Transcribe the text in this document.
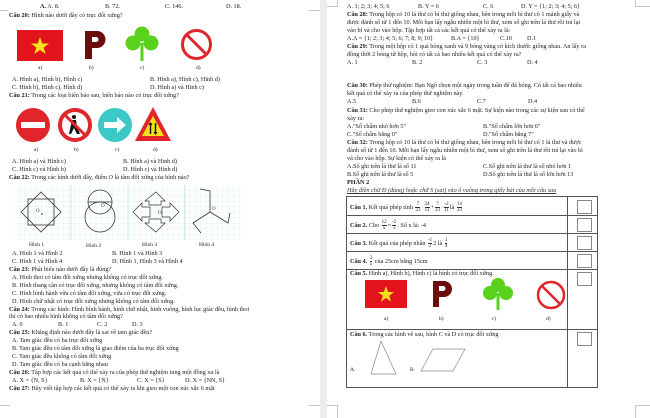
A. A. 8.	B. 72.	C. 146.	D. 18.
Câu 20: Hình nào dưới đây có trục đối xứng?
a)	b)	c)	d)
A. Hình a), Hình b), Hình c)	B. Hình a), Hình c), Hình d)
C. Hình b), Hình c), Hình d)	D. Hình a) và Hình c)
Câu 21: Trong các loại biển báo sau, biển báo nào có trục đối xứng?
a)	b)	c)	d)
A. Hình a) và Hình c)	B. Hình a) và Hình d)
C. Hình c) và Hình b)	D. Hình c) và Hình d)
Câu 22: Trong các hình dưới đây, điểm O là tâm đối xứng của hình nào?
O
O
O
O
Hình 1	Hình 2	Hình 3	Hình 4
A. Hình 1 và Hình 2	B. Hình 1 và Hình 3
C. Hình 1 và Hình 4	D. Hình 1, Hình 3 và Hình 4
Câu 23: Phát biểu nào dưới đây là đúng?
A. Hình thoi có tâm đối xứng nhưng không có trục đối xứng.
B. Hình thang cân có trục đối xứng, nhưng không có tâm đối xứng.
C. Hình bình hành vừa có tâm đối xứng, vừa có trục đối xứng.
D. Hình chữ nhật có trục đối xứng nhưng không có tâm đối xứng.
Câu 24: Trong các hình: Hình bình hành, hình chữ nhật, hình vuông, hình lục giác đều, hình thoi
thì có bao nhiêu hình không có tâm đối xứng?
A. 0	B. 1	C. 2	D. 3
Câu 25: Khẳng định nào dưới đây là sai về tam giác đều?
A. Tam giác đều có ba trục đối xứng
B. Tam giác đều có tâm đối xứng là giao điểm của ba trục đối xứng
C. Tam giác đều không có tâm đối xứng
D. Tam giác đều có ba cạnh bằng nhau
Câu 26: Tập hợp các kết quả có thể xảy ra của phép thử nghiệm tung một đồng xu là
A. X = {N, S}	B. X = {N}	C. X = {S}	D. X = {NN, S}
Câu 27: Hãy viết tập hợp các kết quả có thể xảy ra khi gieo một con xúc xắc 6 mặt
A. 1; 2; 3; 4; 5; 6	B. Y = 6	C. 6	D. Y = {1; 2; 3; 4; 5; 6}
Câu 28: Trong hộp có 10 lá thư có bì thư giống nhau, bên trong mỗi bì thư có 1 mảnh giấy và
được đánh số từ 1 đến 10. Mỗi bạn lấy ngẫu nhiên một bì thư, xem số ghi trên lá thư rồi trả lại
vào bì và cho vào hộp. Tập hợp tất cả các kết quả có thể xảy ra là:
A.A = {1; 2; 3; 4; 5; 6; 7; 8; 9; 10}	B.A = {10}	C.10 D.1
Câu 29: Trong một hộp có 1 quả bóng xanh và 9 bóng vàng có kích thước giống nhau. An lấy ra
đồng thời 2 bóng từ hộp, hỏi có tất cả bao nhiêu kết quả có thể xảy ra?
A. 1	B. 2	C. 3	D. 4
Câu 30: Phép thử nghiệm: Bạn Ngô chọn một ngày trong tuần để đá bóng. Có tất cả bao nhiêu
kết quả có thể xảy ra của phép thử nghiệm này.
A.5	B.6	C.7	D.4
Câu 31: Cho phép thử nghiệm gieo con xúc xắc 6 mặt. Sự kiện nào trong các sự kiện sau có thể
xảy ra:
A."Số chấm nhỏ hơn 5"	B."Số chấm lớn hơn 6"
C."Số chấm bằng 0"	D."Số chấm bằng 7"
Câu 32: Trong hộp có 10 lá thư có bì thư giống nhau, bên trong mỗi bì thư có 1 lá thư và được
đánh số từ 1 đến 10. Mỗi bạn lấy ngẫu nhiên một bì thư, xem số ghi trên lá thư rồi trả lại vào bì
và cho vào hộp. Sự kiện có thể xảy ra là
A.Số ghi trên lá thư là số 11	C.Số ghi trên lá thư là số nhỏ hơn 1
B.Số ghi trên lá thư là số 5	D.Số ghi trên lá thư là số lớn hơn 13
PHẦN 2
Hãy điền chữ Đ (đúng) hoặc chữ S (sai) vào ô vuông trong giấy bài của mỗi câu sau
Câu 1. Kết quả phép tính $\frac{7}{23} \cdot \frac{24}{11} + \frac{7}{23} \cdot \frac{-2}{11}$ là $\frac{14}{23}$
Câu 2. Cho $\frac{12}{x} = \frac{-2}{3}$ . Số x là: -4
Câu 3. Kết quả của phép nhân $\frac{-1}{2} 2$ là $\frac{1}{4}$
Câu 4. $\frac{3}{5}$ của 25cm bằng 15cm
Câu 5. Hình a), Hình b), Hình c) là hình có trục đối xứng.
a)	b)	c)	d)
Câu 6. Trong các hình vẽ sau, hình C và D có trục đối xứng
A.	B.
